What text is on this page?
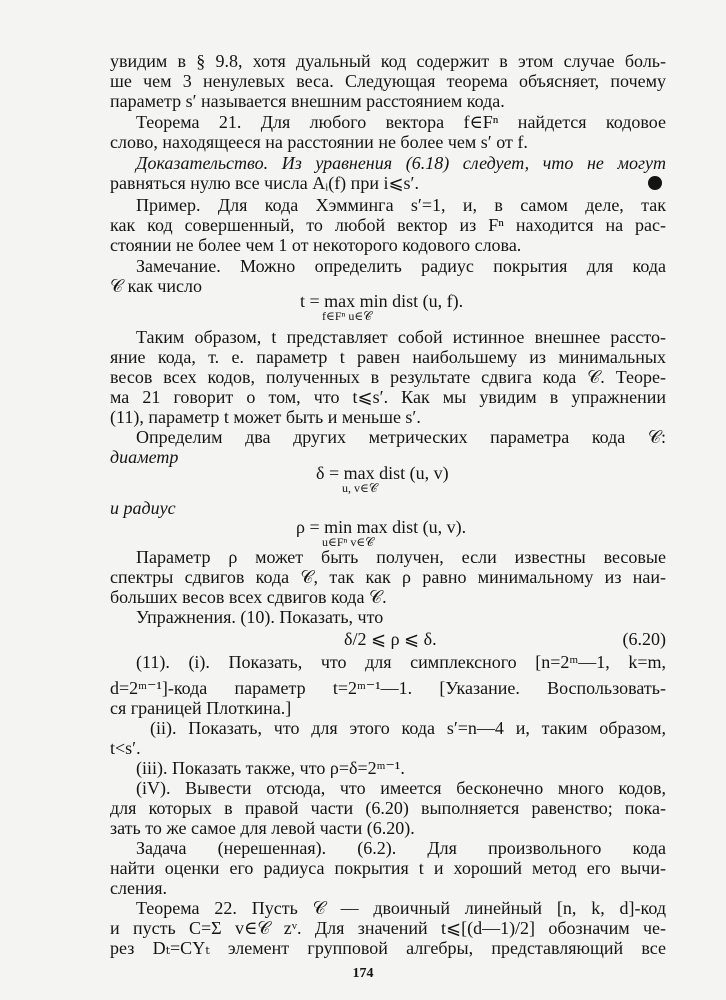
увидим в § 9.8, хотя дуальный код содержит в этом случае боль-
ше чем 3 ненулевых веса. Следующая теорема объясняет, почему
параметр s′ называется внешним расстоянием кода.
Теорема 21. Для любого вектора f∈Fⁿ найдется кодовое
слово, находящееся на расстоянии не более чем s′ от f.
Доказательство. Из уравнения (6.18) следует, что не могут
равняться нулю все числа Aᵢ(f) при i⩽s′.
Пример. Для кода Хэмминга s′=1, и, в самом деле, так
как код совершенный, то любой вектор из Fⁿ находится на рас-
стоянии не более чем 1 от некоторого кодового слова.
Замечание. Можно определить радиус покрытия для кода
𝒞 как число
t = max min dist (u, f).
f∈Fⁿ u∈𝒞
Таким образом, t представляет собой истинное внешнее рассто-
яние кода, т. е. параметр t равен наибольшему из минимальных
весов всех кодов, полученных в результате сдвига кода 𝒞. Теоре-
ма 21 говорит о том, что t⩽s′. Как мы увидим в упражнении
(11), параметр t может быть и меньше s′.
Определим два других метрических параметра кода 𝒞:
диаметр
δ = max dist (u, v)
u, v∈𝒞
и радиус
ρ = min max dist (u, v).
u∈Fⁿ v∈𝒞
Параметр ρ может быть получен, если известны весовые
спектры сдвигов кода 𝒞, так как ρ равно минимальному из наи-
больших весов всех сдвигов кода 𝒞.
Упражнения. (10). Показать, что
δ/2 ⩽ ρ ⩽ δ.	(6.20)
174
(11). (i). Показать, что для симплексного [n=2ᵐ—1, k=m,
d=2ᵐ⁻¹]-кода параметр t=2ᵐ⁻¹—1. [Указание. Воспользовать-
ся границей Плоткина.]
(ii). Показать, что для этого кода s′=n—4 и, таким образом,
t<s′.
(iii). Показать также, что ρ=δ=2ᵐ⁻¹.
(iV). Вывести отсюда, что имеется бесконечно много кодов,
для которых в правой части (6.20) выполняется равенство; пока-
зать то же самое для левой части (6.20).
Задача (нерешенная). (6.2). Для произвольного кода
найти оценки его радиуса покрытия t и хороший метод его вычи-
сления.
Теорема 22. Пусть 𝒞 — двоичный линейный [n, k, d]-код
и пусть C=Σ v∈𝒞 zᵛ. Для значений t⩽[(d—1)/2] обозначим че-
рез Dₜ=CYₜ элемент групповой алгебры, представляющий все
